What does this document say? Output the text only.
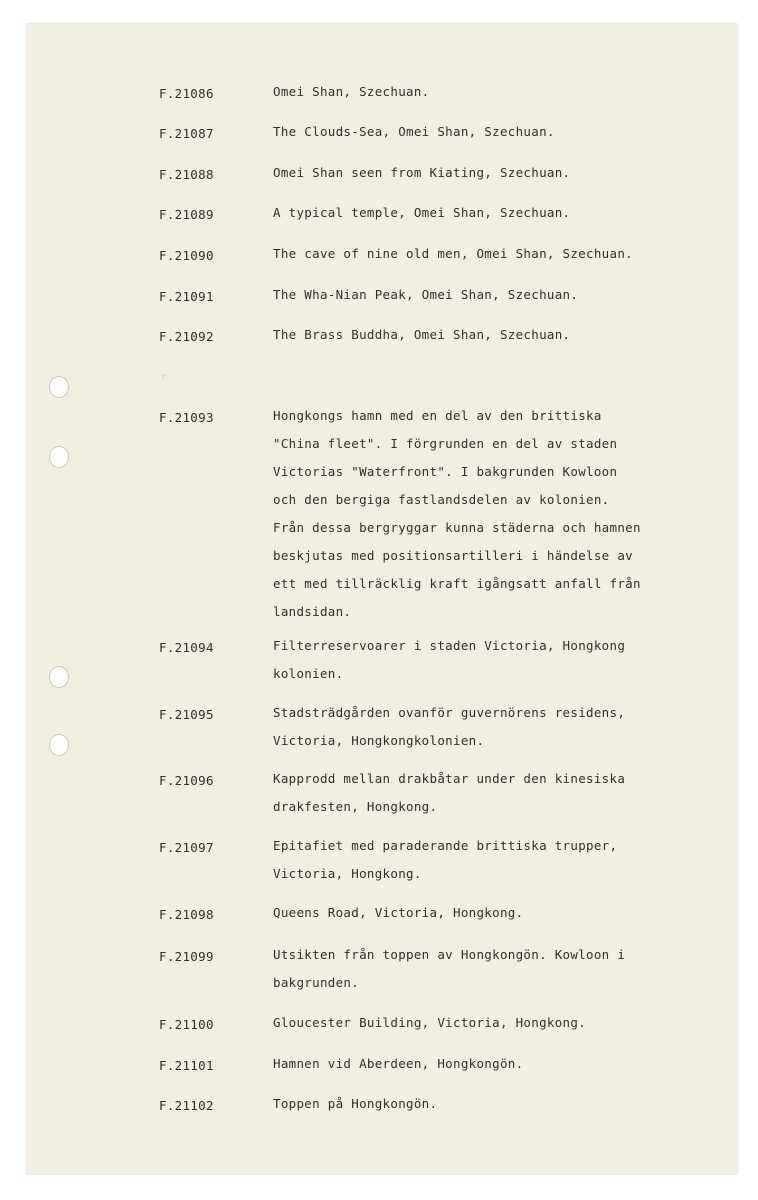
⌜
F.21086	Omei Shan, Szechuan.

F.21087	The Clouds-Sea, Omei Shan, Szechuan.

F.21088	Omei Shan seen from Kiating, Szechuan.

F.21089	A typical temple, Omei Shan, Szechuan.

F.21090	The cave of nine old men, Omei Shan, Szechuan.

F.21091	The Wha-Nian Peak, Omei Shan, Szechuan.

F.21092	The Brass Buddha, Omei Shan, Szechuan.

F.21093	Hongkongs hamn med en del av den brittiska
"China fleet". I förgrunden en del av staden
Victorias "Waterfront". I bakgrunden Kowloon
och den bergiga fastlandsdelen av kolonien.
Från dessa bergryggar kunna städerna och hamnen
beskjutas med positionsartilleri i händelse av
ett med tillräcklig kraft igångsatt anfall från
landsidan.

F.21094	Filterreservoarer i staden Victoria, Hongkong
kolonien.

F.21095	Stadsträdgården ovanför guvernörens residens,
Victoria, Hongkongkolonien.

F.21096	Kapprodd mellan drakbåtar under den kinesiska
drakfesten, Hongkong.

F.21097	Epitafiet med paraderande brittiska trupper,
Victoria, Hongkong.

F.21098	Queens Road, Victoria, Hongkong.

F.21099	Utsikten från toppen av Hongkongön. Kowloon i
bakgrunden.

F.21100	Gloucester Building, Victoria, Hongkong.

F.21101	Hamnen vid Aberdeen, Hongkongön.

F.21102	Toppen på Hongkongön.
